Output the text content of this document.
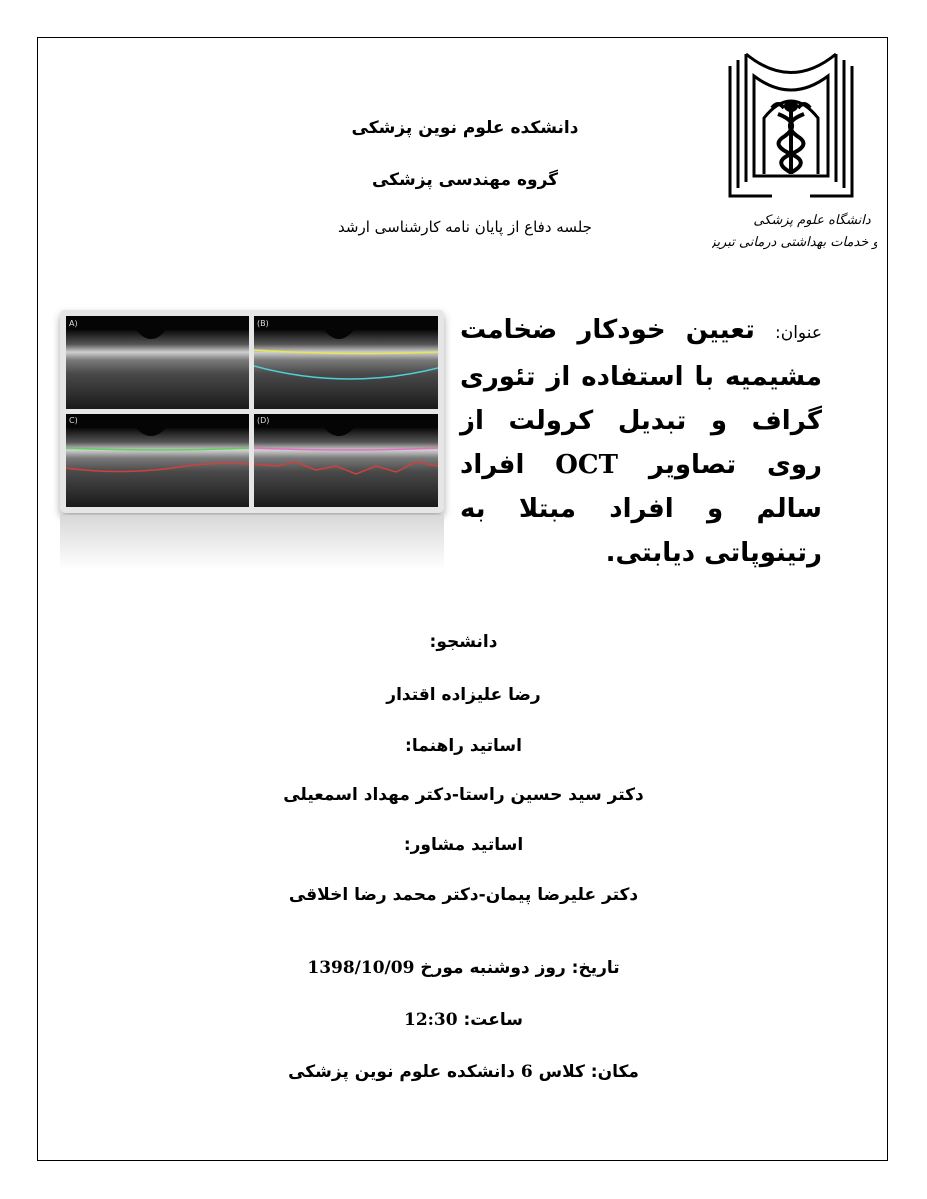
دانشکده علوم نوین پزشکی
گروه مهندسی پزشکی
جلسه دفاع از پایان نامه کارشناسی ارشد	دانشگاه علوم پزشکی
و خدمات بهداشتی درمانی تبریز
A)	(B)
C)	(D)
عنوان: تعیین خودکار ضخامت مشیمیه با استفاده از تئوری گراف و تبدیل کرولت از روی تصاویر OCT افراد سالم و افراد مبتلا به رتینوپاتی دیابتی.
دانشجو:
رضا علیزاده اقتدار
اساتید راهنما:
دکتر سید حسین راستا-دکتر مهداد اسمعیلی
اساتید مشاور:
دکتر علیرضا پیمان-دکتر محمد رضا اخلاقی
تاریخ: روز دوشنبه مورخ 1398/10/09
ساعت: 12:30
مکان: کلاس 6 دانشکده علوم نوین پزشکی
